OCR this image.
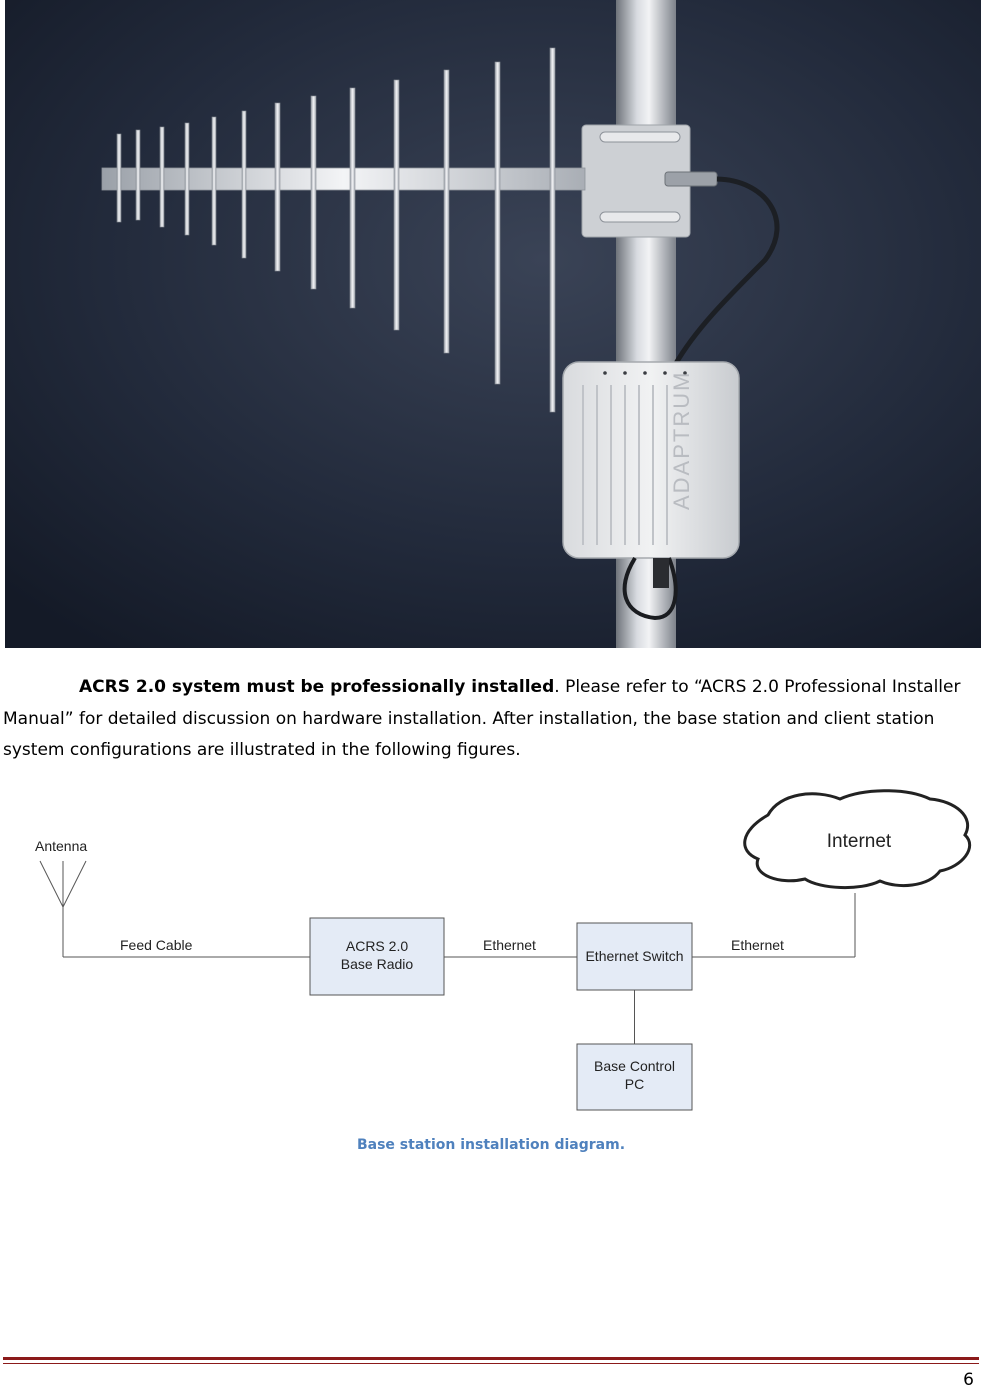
ADAPTRUM

ACRS 2.0 system must be professionally installed. Please refer to “ACRS 2.0 Professional Installer Manual” for detailed discussion on hardware installation. After installation, the base station and client station system configurations are illustrated in the following figures.

Antenna
Feed Cable	ACRS 2.0
Base Radio
Ethernet
Ethernet Switch
Ethernet
Base Control
PC
Internet
Base station installation diagram.
6
